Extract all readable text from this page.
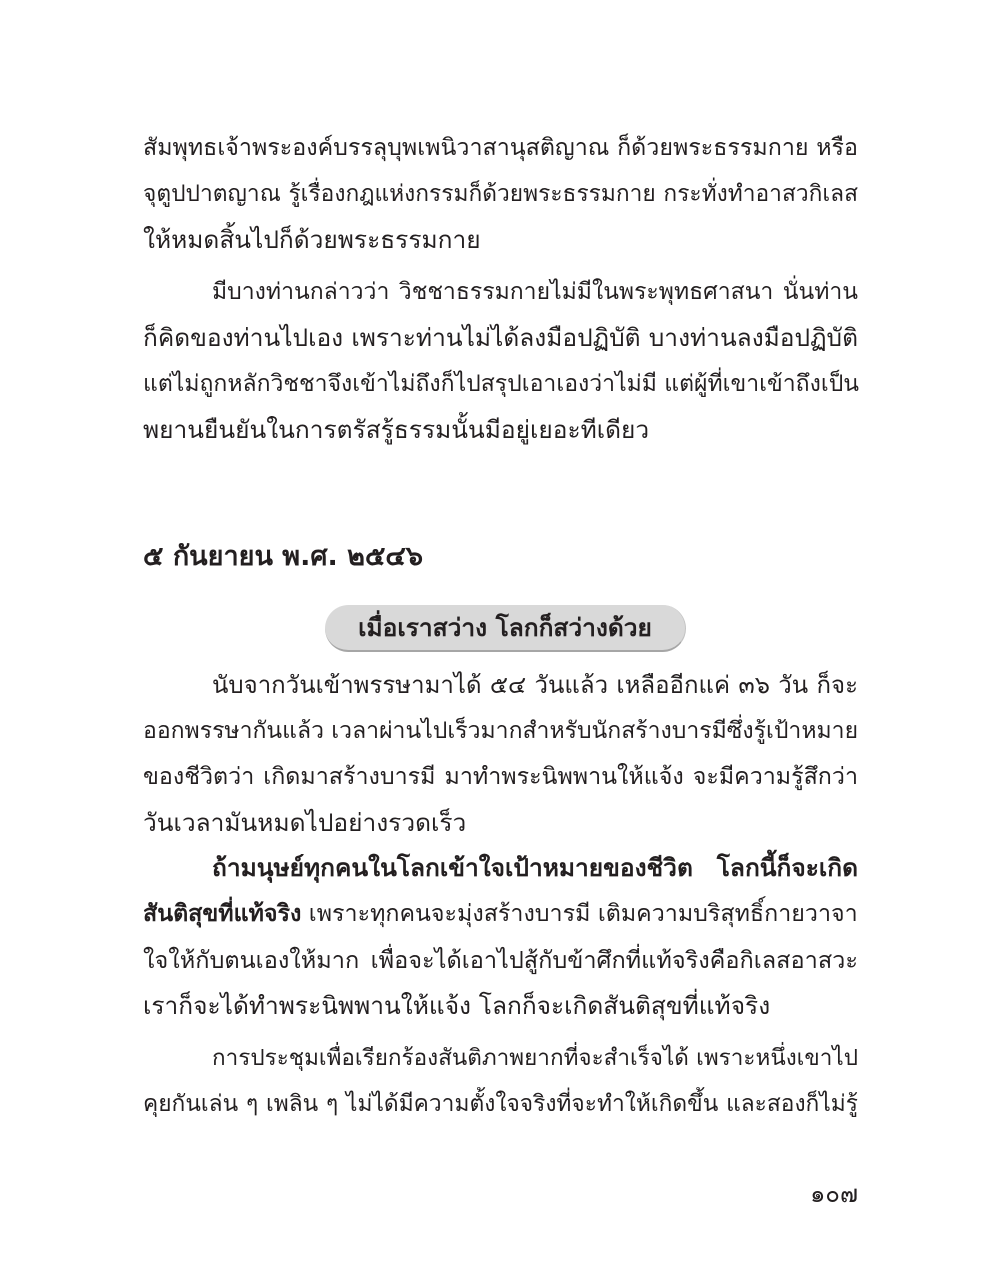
สัมพุทธเจ้าพระองค์บรรลุบุพเพนิวาสานุสติญาณ ก็ด้วยพระธรรมกาย หรือ
จุตูปปาตญาณ รู้เรื่องกฎแห่งกรรมก็ด้วยพระธรรมกาย กระทั่งทำอาสวกิเลส
ให้หมดสิ้นไปก็ด้วยพระธรรมกาย
มีบางท่านกล่าวว่า วิชชาธรรมกายไม่มีในพระพุทธศาสนา นั่นท่าน
ก็คิดของท่านไปเอง เพราะท่านไม่ได้ลงมือปฏิบัติ บางท่านลงมือปฏิบัติ
แต่ไม่ถูกหลักวิชชาจึงเข้าไม่ถึงก็ไปสรุปเอาเองว่าไม่มี แต่ผู้ที่เขาเข้าถึงเป็น
พยานยืนยันในการตรัสรู้ธรรมนั้นมีอยู่เยอะทีเดียว
๕ กันยายน พ.ศ. ๒๕๔๖
เมื่อเราสว่าง โลกก็สว่างด้วย
นับจากวันเข้าพรรษามาได้ ๕๔ วันแล้ว เหลืออีกแค่ ๓๖ วัน ก็จะ
ออกพรรษากันแล้ว เวลาผ่านไปเร็วมากสำหรับนักสร้างบารมีซึ่งรู้เป้าหมาย
ของชีวิตว่า เกิดมาสร้างบารมี มาทำพระนิพพานให้แจ้ง จะมีความรู้สึกว่า
วันเวลามันหมดไปอย่างรวดเร็ว
ถ้ามนุษย์ทุกคนในโลกเข้าใจเป้าหมายของชีวิต โลกนี้ก็จะเกิด
สันติสุขที่แท้จริง เพราะทุกคนจะมุ่งสร้างบารมี เติมความบริสุทธิ์กายวาจา
ใจให้กับตนเองให้มาก เพื่อจะได้เอาไปสู้กับข้าศึกที่แท้จริงคือกิเลสอาสวะ
เราก็จะได้ทำพระนิพพานให้แจ้ง โลกก็จะเกิดสันติสุขที่แท้จริง
การประชุมเพื่อเรียกร้องสันติภาพยากที่จะสำเร็จได้ เพราะหนึ่งเขาไป
คุยกันเล่น ๆ เพลิน ๆ ไม่ได้มีความตั้งใจจริงที่จะทำให้เกิดขึ้น และสองก็ไม่รู้
๑๐๗
